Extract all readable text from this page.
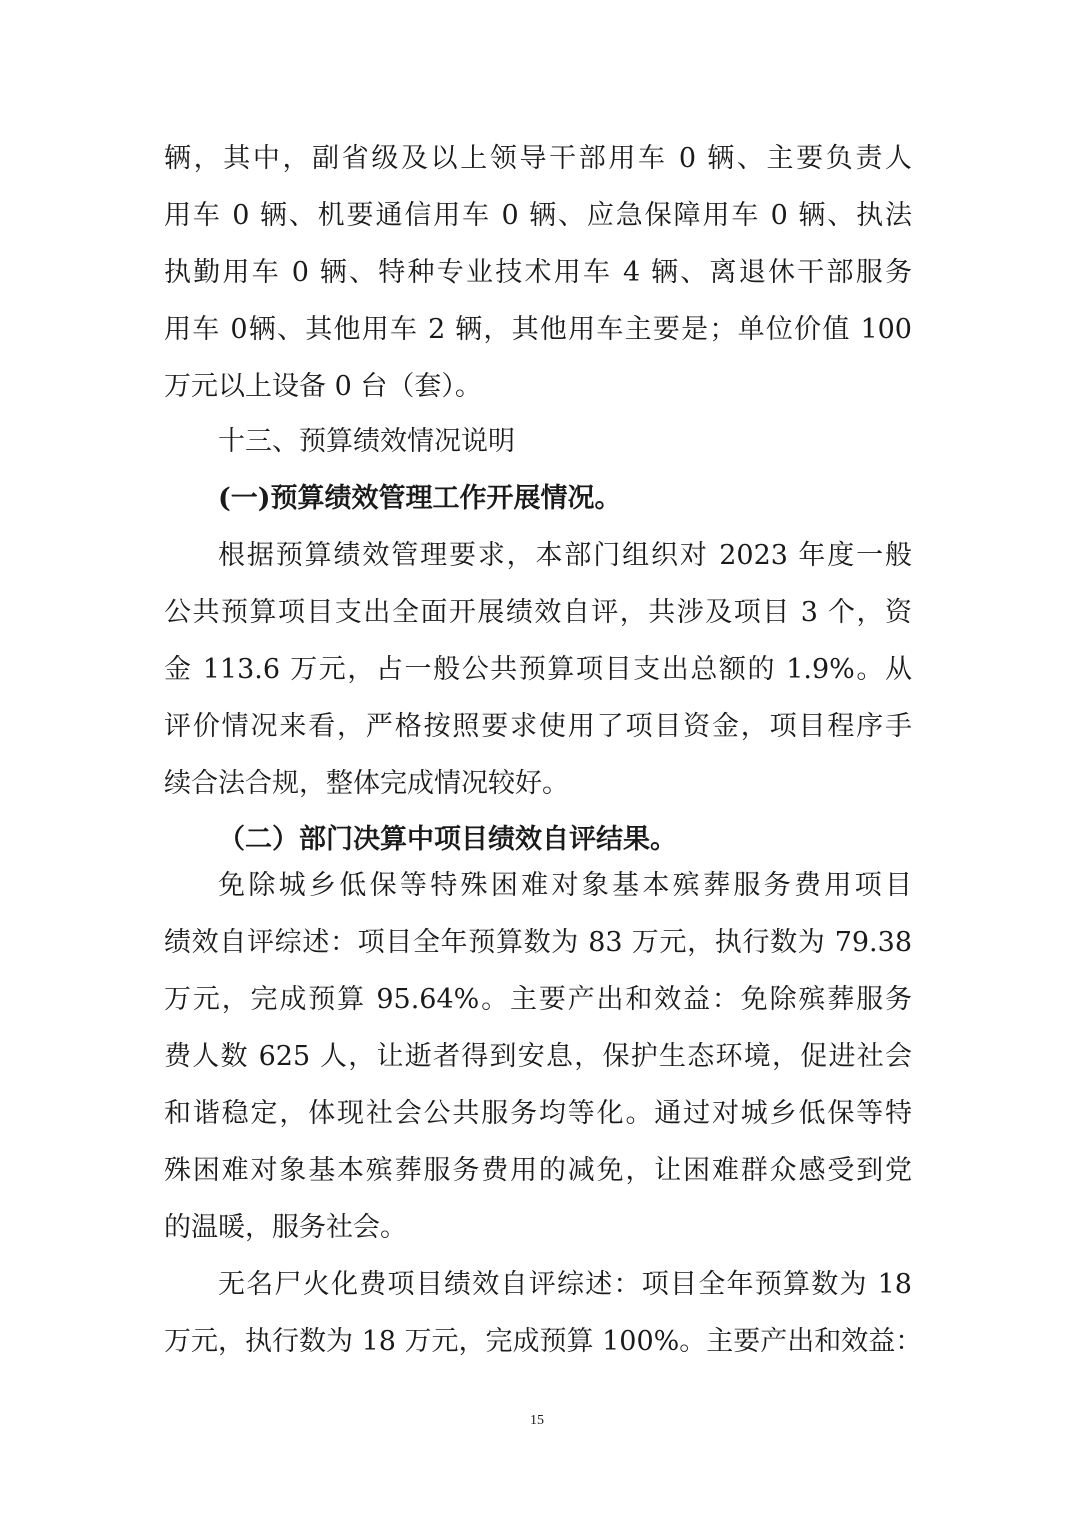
辆，其中，副省级及以上领导干部用车 0 辆、主要负责人
用车 0 辆、机要通信用车 0 辆、应急保障用车 0 辆、执法
执勤用车 0 辆、特种专业技术用车 4 辆、离退休干部服务
用车 0辆、其他用车 2 辆，其他用车主要是；单位价值 100
万元以上设备 0 台（套）。
十三、预算绩效情况说明
(一)预算绩效管理工作开展情况。
根据预算绩效管理要求，本部门组织对 2023 年度一般
公共预算项目支出全面开展绩效自评，共涉及项目 3 个，资
金 113.6 万元，占一般公共预算项目支出总额的 1.9%。从
评价情况来看，严格按照要求使用了项目资金，项目程序手
续合法合规，整体完成情况较好。
（二）部门决算中项目绩效自评结果。
免除城乡低保等特殊困难对象基本殡葬服务费用项目
绩效自评综述：项目全年预算数为 83 万元，执行数为 79.38
万元，完成预算 95.64%。主要产出和效益：免除殡葬服务
费人数 625 人，让逝者得到安息，保护生态环境，促进社会
和谐稳定，体现社会公共服务均等化。通过对城乡低保等特
殊困难对象基本殡葬服务费用的减免，让困难群众感受到党
的温暖，服务社会。
无名尸火化费项目绩效自评综述：项目全年预算数为 18
万元，执行数为 18 万元，完成预算 100%。主要产出和效益：
15
